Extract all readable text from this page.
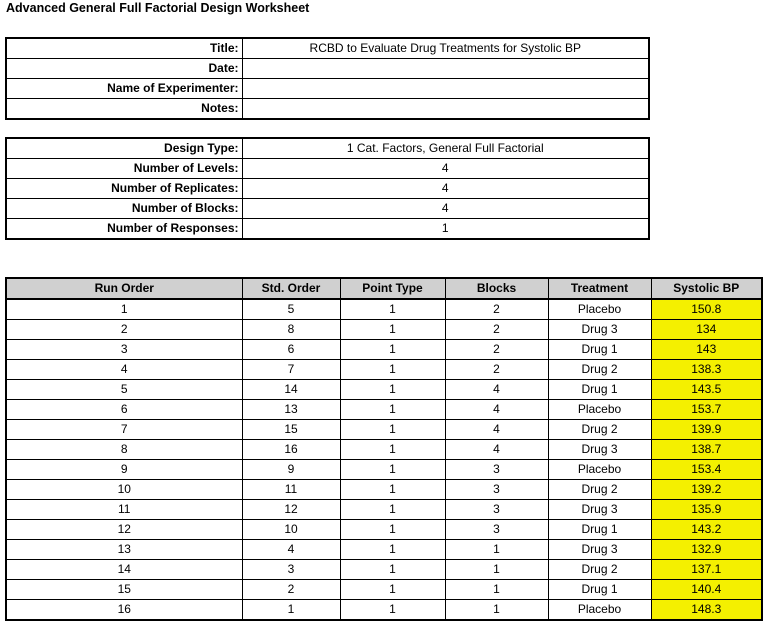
Advanced General Full Factorial Design Worksheet
Title:	RCBD to Evaluate Drug Treatments for Systolic BP
Date:	
Name of Experimenter:	
Notes:	
Design Type:	1 Cat. Factors, General Full Factorial
Number of Levels:	4
Number of Replicates:	4
Number of Blocks:	4
Number of Responses:	1
Run Order	Std. Order	Point Type	Blocks	Treatment	Systolic BP
1	5	1	2	Placebo	150.8
2	8	1	2	Drug 3	134
3	6	1	2	Drug 1	143
4	7	1	2	Drug 2	138.3
5	14	1	4	Drug 1	143.5
6	13	1	4	Placebo	153.7
7	15	1	4	Drug 2	139.9
8	16	1	4	Drug 3	138.7
9	9	1	3	Placebo	153.4
10	11	1	3	Drug 2	139.2
11	12	1	3	Drug 3	135.9
12	10	1	3	Drug 1	143.2
13	4	1	1	Drug 3	132.9
14	3	1	1	Drug 2	137.1
15	2	1	1	Drug 1	140.4
16	1	1	1	Placebo	148.3
